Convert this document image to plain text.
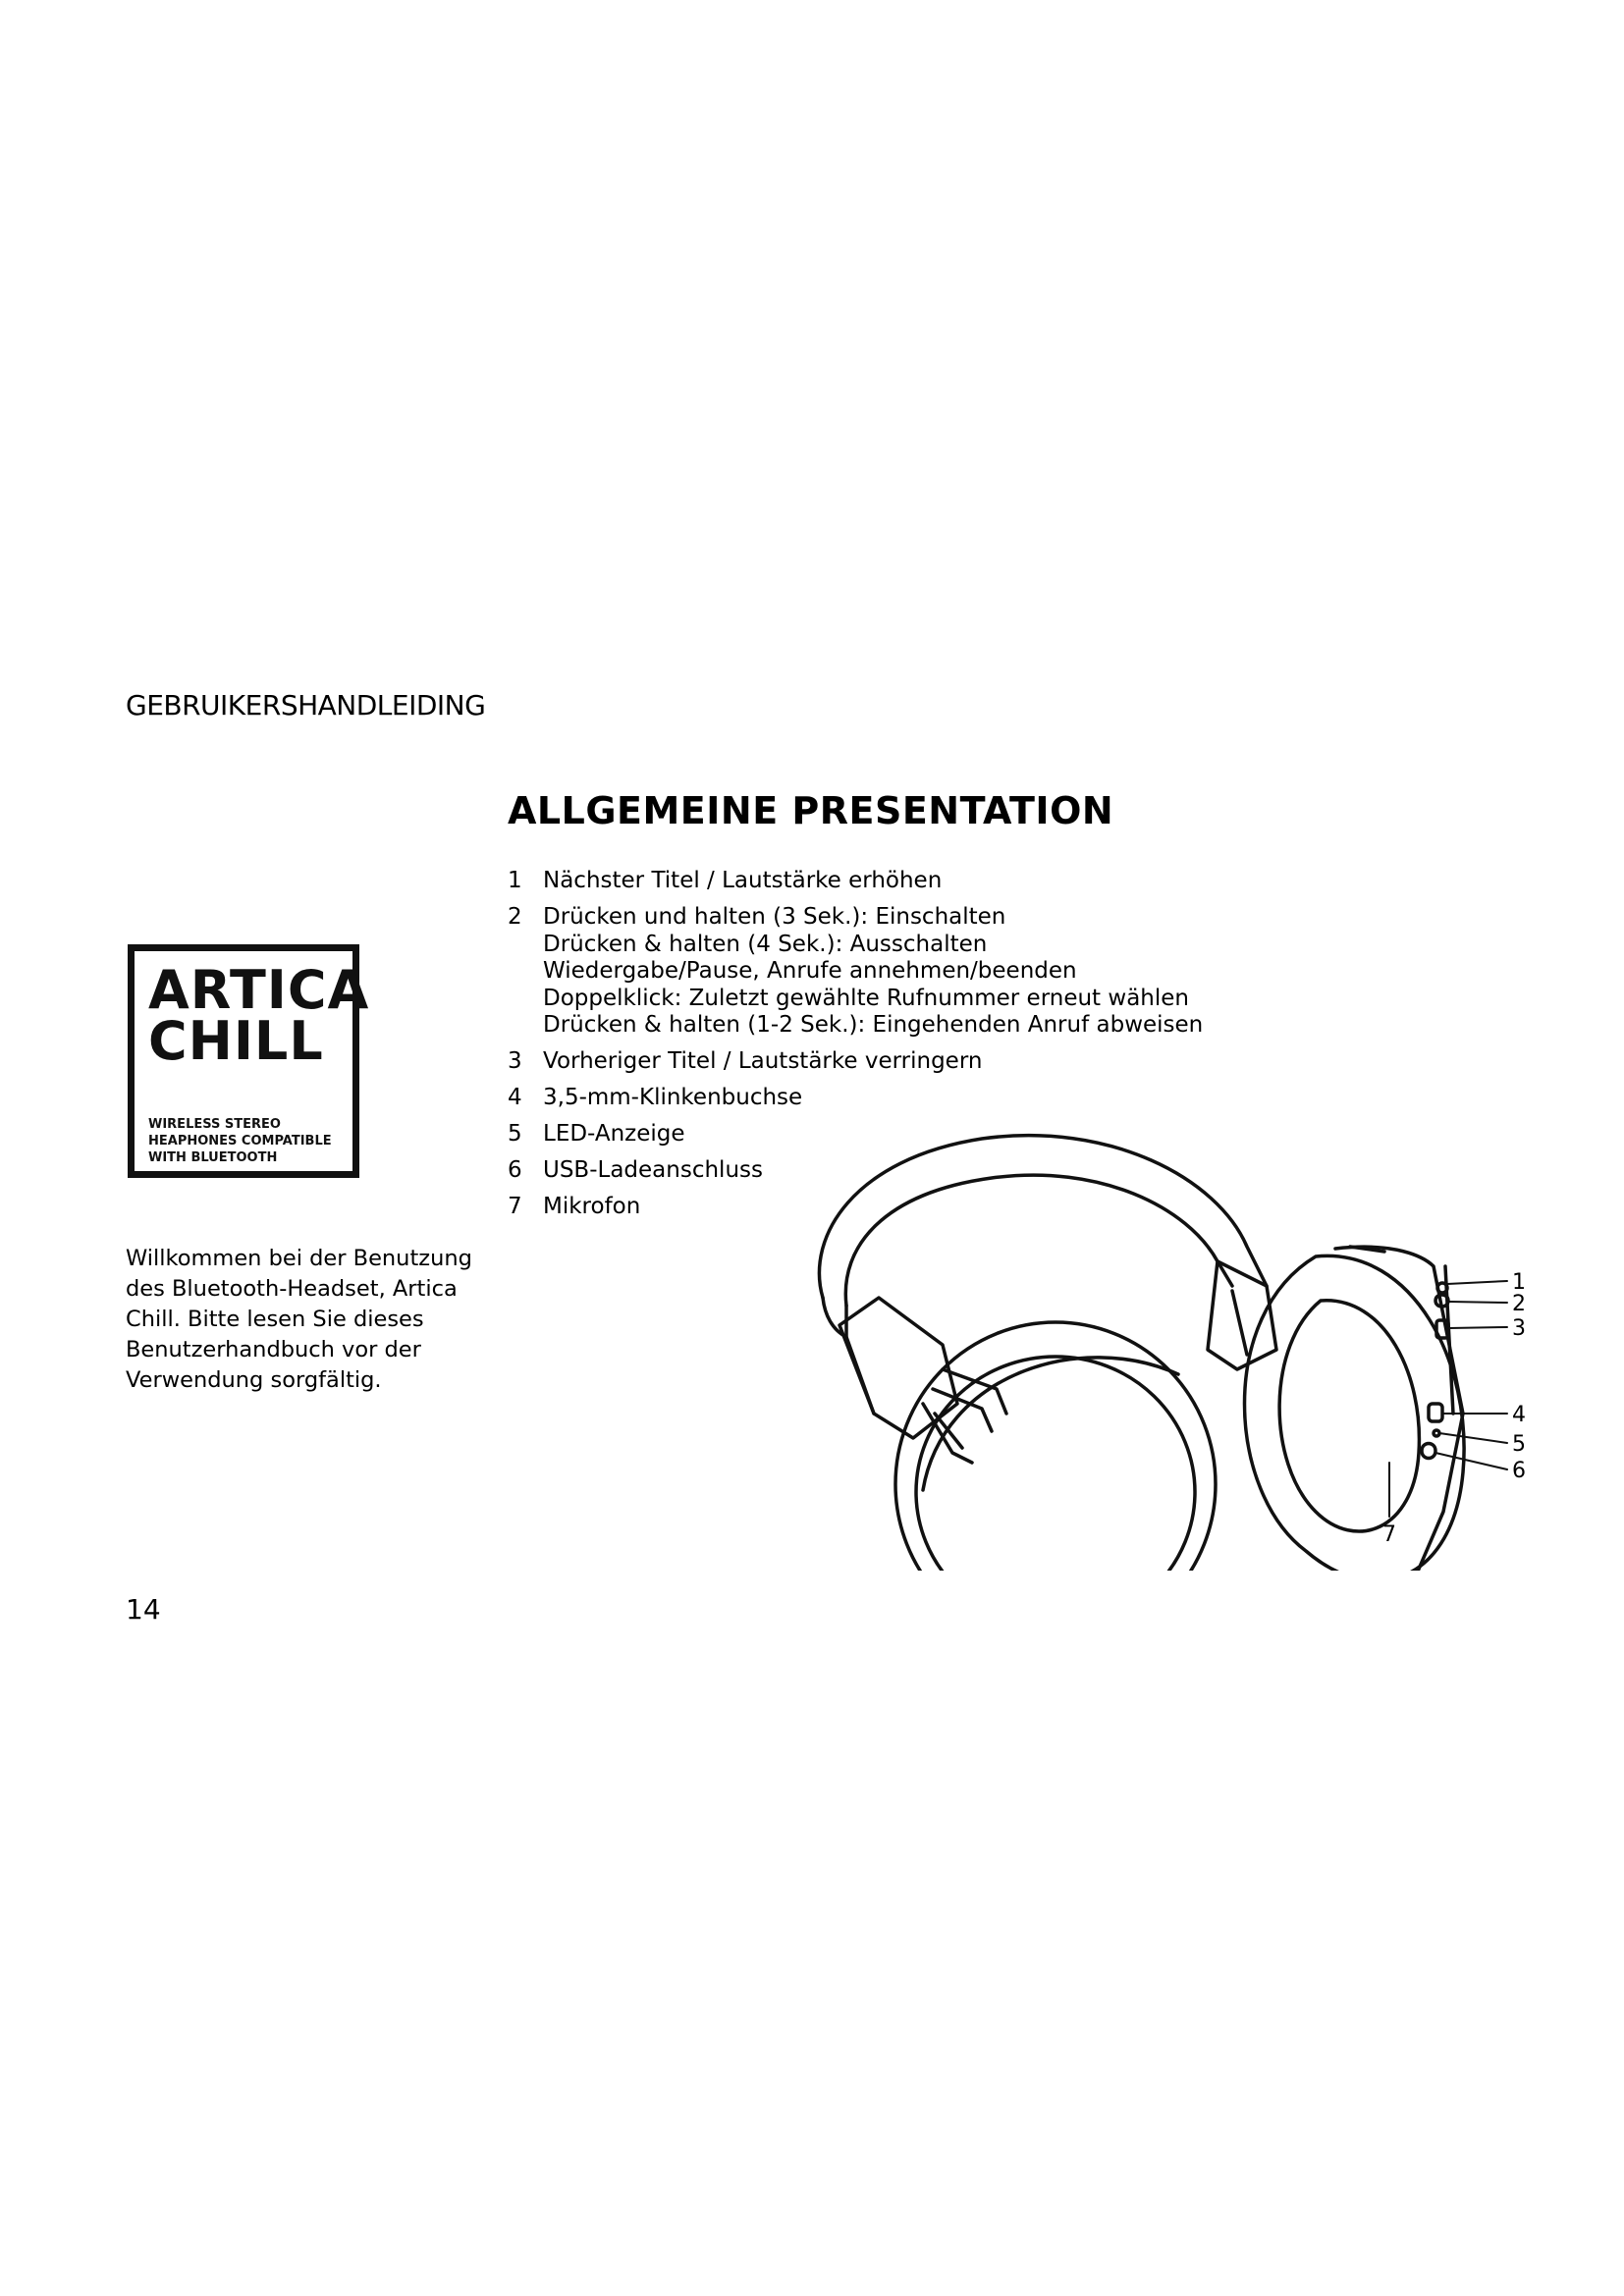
GEBRUIKERSHANDLEIDING
ALLGEMEINE PRESENTATION
1 Nächster Titel / Lautstärke erhöhen
2 Drücken und halten (3 Sek.): Einschalten
Drücken & halten (4 Sek.): Ausschalten
Wiedergabe/Pause, Anrufe annehmen/beenden
Doppelklick: Zuletzt gewählte Rufnummer erneut wählen
Drücken & halten (1-2 Sek.): Eingehenden Anruf abweisen
3 Vorheriger Titel / Lautstärke verringern
4 3,5-mm-Klinkenbuchse
5 LED-Anzeige
6 USB-Ladeanschluss
7 Mikrofon
ARTICA
CHILL
WIRELESS STEREO
HEAPHONES COMPATIBLE
WITH BLUETOOTH
Willkommen bei der Benutzung
des Bluetooth-Headset, Artica
Chill. Bitte lesen Sie dieses
Benutzerhandbuch vor der
Verwendung sorgfältig.
1
2
3
4
5
6
7
14
